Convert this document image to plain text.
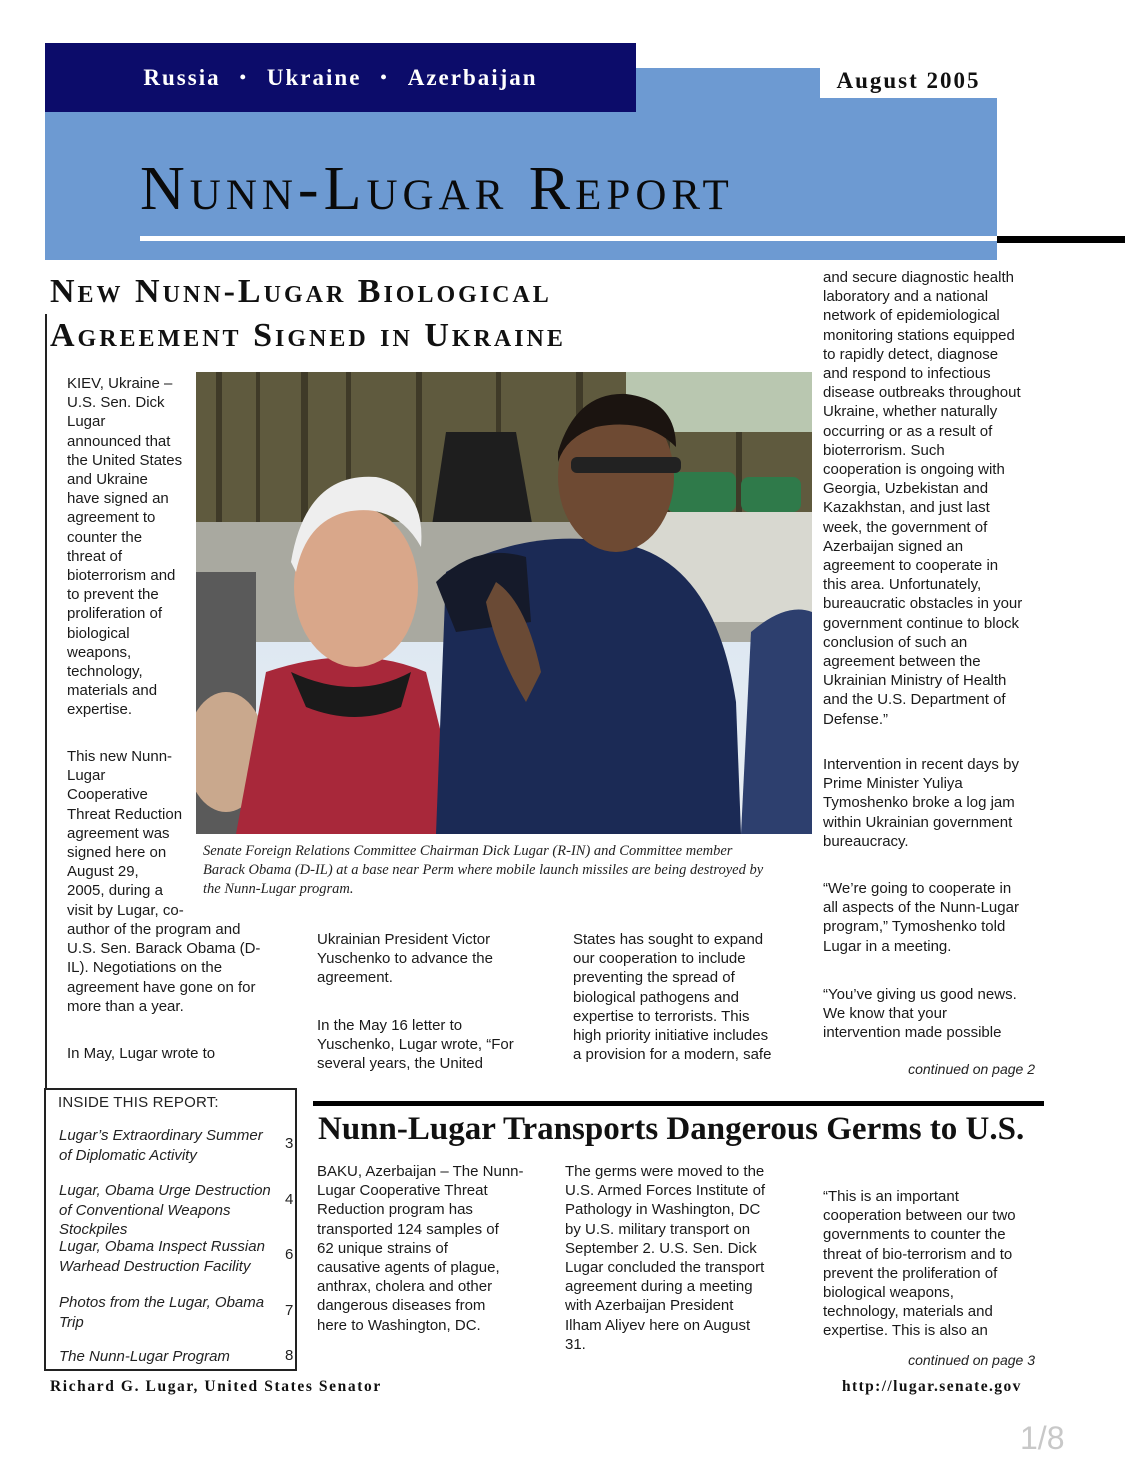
Russia • Ukraine • Azerbaijan	August 2005
Nunn-Lugar Report
New Nunn-Lugar Biological
Agreement Signed in Ukraine

KIEV, Ukraine –

U.S. Sen. Dick

Lugar

announced that

the United States

and Ukraine

have signed an

agreement to

counter the

threat of

bioterrorism and

to prevent the

proliferation of

biological

weapons,

technology,

materials and

expertise.

This new Nunn-

Lugar

Cooperative

Threat Reduction

agreement was

signed here on

August 29,

2005, during a

visit by Lugar, co-

author of the program and

U.S. Sen. Barack Obama (D-

IL). Negotiations on the

agreement have gone on for

more than a year.

In May, Lugar wrote to

Senate Foreign Relations Committee Chairman Dick Lugar (R-IN) and Committee member
Barack Obama (D-IL) at a base near Perm where mobile launch missiles are being destroyed by
the Nunn-Lugar program.

Ukrainian President Victor

Yuschenko to advance the

agreement.

In the May 16 letter to

Yuschenko, Lugar wrote, “For

several years, the United

States has sought to expand

our cooperation to include

preventing the spread of

biological pathogens and

expertise to terrorists. This

high priority initiative includes

a provision for a modern, safe

and secure diagnostic health

laboratory and a national

network of epidemiological

monitoring stations equipped

to rapidly detect, diagnose

and respond to infectious

disease outbreaks throughout

Ukraine, whether naturally

occurring or as a result of

bioterrorism. Such

cooperation is ongoing with

Georgia, Uzbekistan and

Kazakhstan, and just last

week, the government of

Azerbaijan signed an

agreement to cooperate in

this area. Unfortunately,

bureaucratic obstacles in your

government continue to block

conclusion of such an

agreement between the

Ukrainian Ministry of Health

and the U.S. Department of

Defense.”

Intervention in recent days by

Prime Minister Yuliya

Tymoshenko broke a log jam

within Ukrainian government

bureaucracy.

“We’re going to cooperate in

all aspects of the Nunn-Lugar

program,” Tymoshenko told

Lugar in a meeting.

“You’ve giving us good news.

We know that your

intervention made possible

continued on page 2
INSIDE THIS REPORT:
Lugar’s Extraordinary Summer of Diplomatic Activity
3
Lugar, Obama Urge Destruction of Conventional Weapons Stockpiles
4
Lugar, Obama Inspect Russian Warhead Destruction Facility
6
Photos from the Lugar, Obama Trip
7
The Nunn-Lugar Program	8
Nunn-Lugar Transports Dangerous Germs to U.S.

BAKU, Azerbaijan – The Nunn-

Lugar Cooperative Threat

Reduction program has

transported 124 samples of

62 unique strains of

causative agents of plague,

anthrax, cholera and other

dangerous diseases from

here to Washington, DC.

The germs were moved to the

U.S. Armed Forces Institute of

Pathology in Washington, DC

by U.S. military transport on

September 2. U.S. Sen. Dick

Lugar concluded the transport

agreement during a meeting

with Azerbaijan President

Ilham Aliyev here on August

31.

“This is an important

cooperation between our two

governments to counter the

threat of bio-terrorism and to

prevent the proliferation of

biological weapons,

technology, materials and

expertise. This is also an

continued on page 3
Richard G. Lugar, United States Senator	http://lugar.senate.gov
1/8
